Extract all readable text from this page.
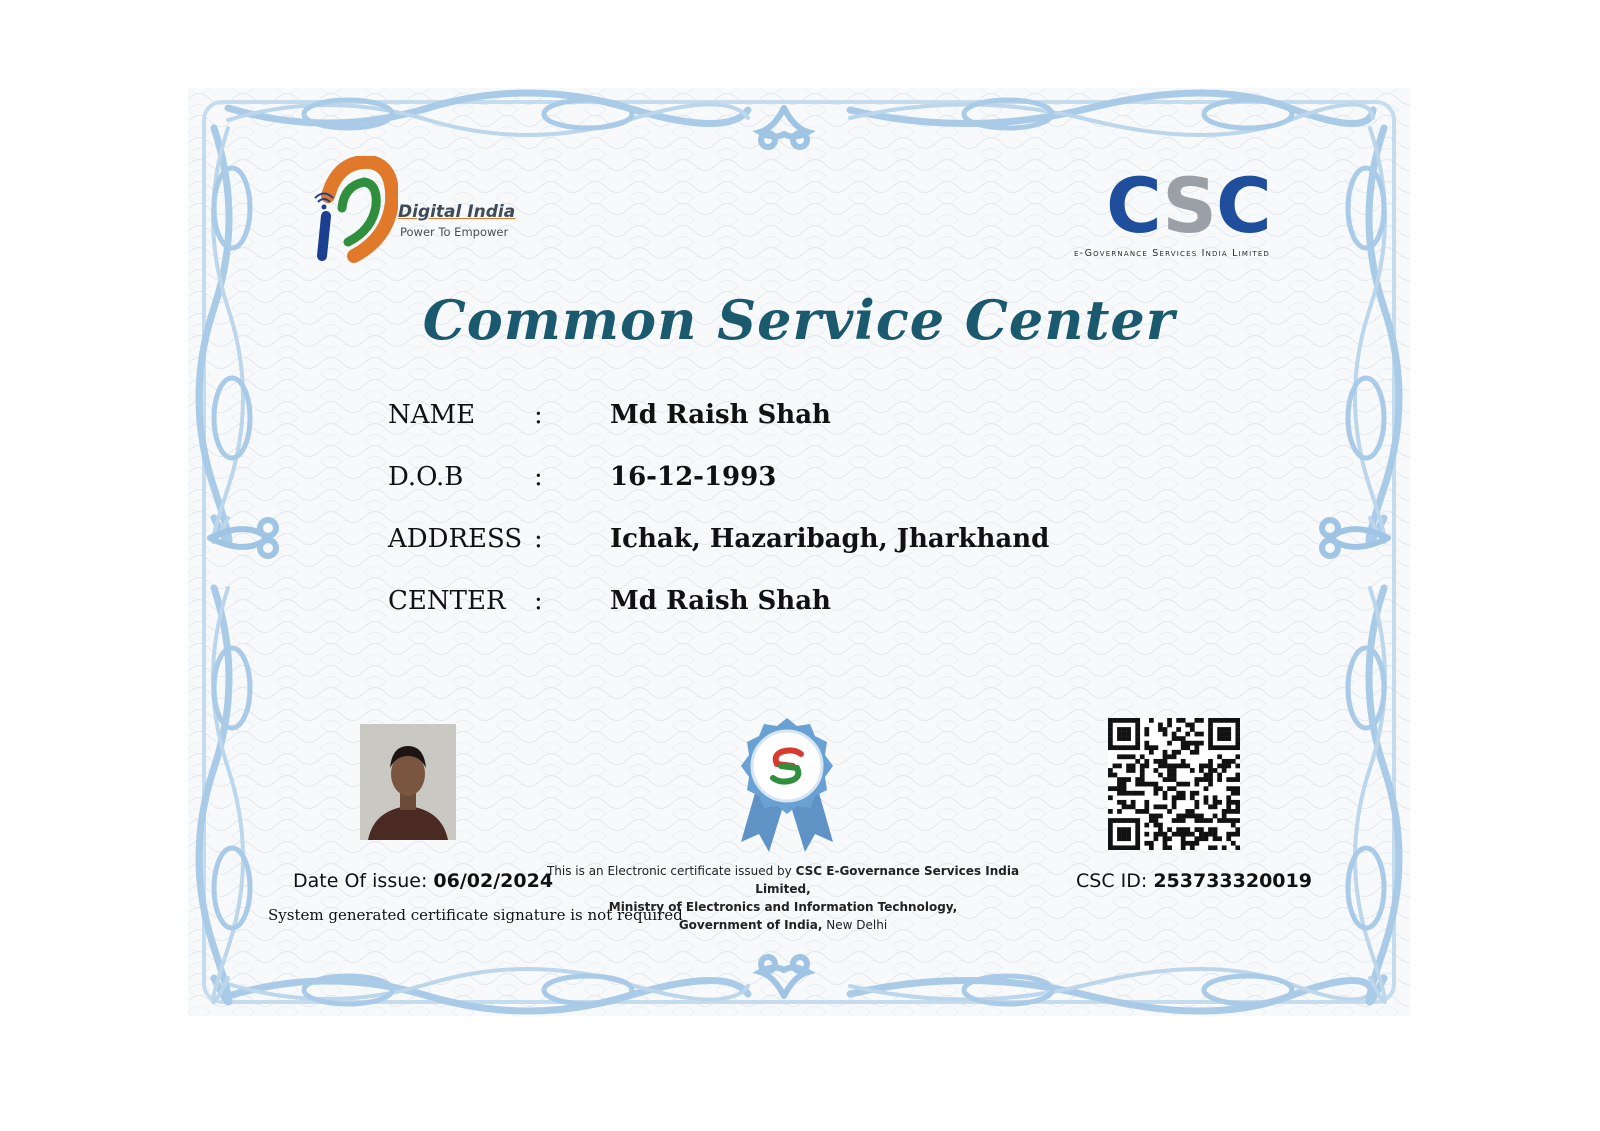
Digital India
Power To Empower	CSC
e-Governance Services India Limited
Common Service Center
NAME :	Md Raish Shah
D.O.B	:	16-12-1993
ADDRESS :	Ichak, Hazaribagh, Jharkhand
CENTER :	Md Raish Shah
Date Of issue: 06/02/2024
System generated certificate signature is not required
This is an Electronic certificate issued by CSC E-Governance Services India Limited,
Ministry of Electronics and Information Technology,
Government of India, New Delhi
CSC ID: 253733320019
